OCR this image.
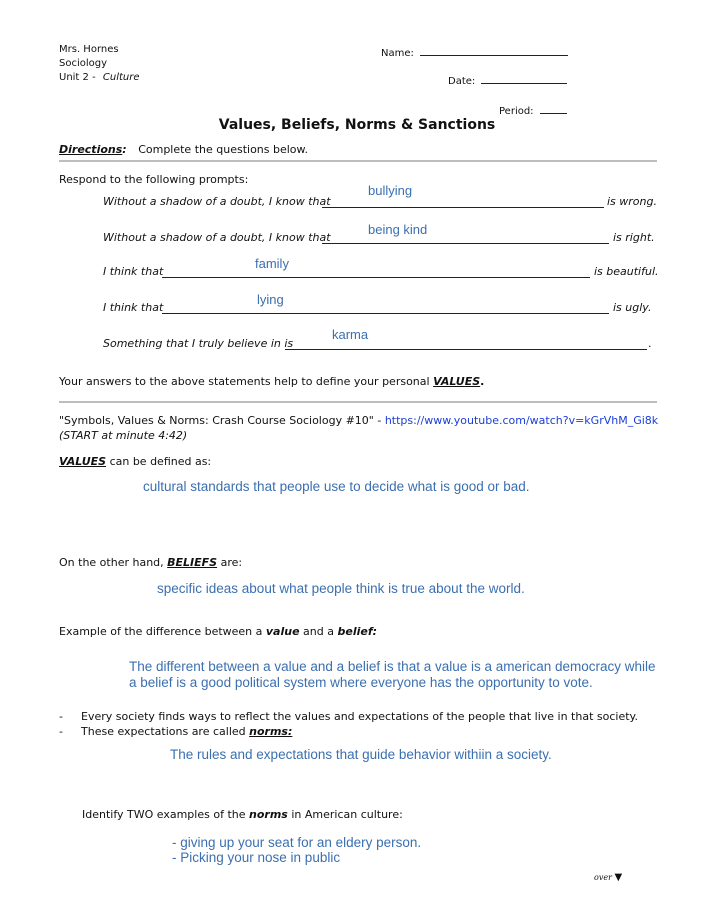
Mrs. Hornes
Sociology
Unit 2 - Culture
Name:
Date:
Period:
Values, Beliefs, Norms & Sanctions
Directions: Complete the questions below.
Respond to the following prompts:
Without a shadow of a doubt, I know that
bullying
is wrong.
Without a shadow of a doubt, I know that
being kind
is right.
I think that
family
is beautiful.
I think that
lying
is ugly.
Something that I truly believe in is
karma
.
Your answers to the above statements help to define your personal VALUES.
"Symbols, Values & Norms: Crash Course Sociology #10" - https://www.youtube.com/watch?v=kGrVhM_Gi8k
(START at minute 4:42)
VALUES can be defined as:
cultural standards that people use to decide what is good or bad.
On the other hand, BELIEFS are:
specific ideas about what people think is true about the world.
Example of the difference between a value and a belief:
The different between a value and a belief is that a value is a american democracy while
a belief is a good political system where everyone has the opportunity to vote.
- Every society finds ways to reflect the values and expectations of the people that live in that society.
- These expectations are called norms:
The rules and expectations that guide behavior withiin a society.
Identify TWO examples of the norms in American culture:
- giving up your seat for an eldery person.
- Picking your nose in public
over ▼
